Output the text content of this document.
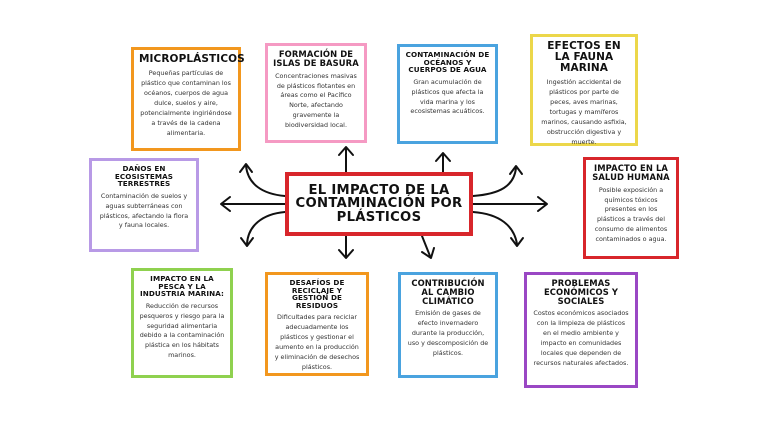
EL IMPACTO DE LA CONTAMINACIÓN POR PLÁSTICOS
MICROPLÁSTICOS

Pequeñas partículas de plástico que contaminan los océanos, cuerpos de agua dulce, suelos y aire, potencialmente ingiriéndose a través de la cadena alimentaria.

FORMACIÓN DE ISLAS DE BASURA

Concentraciones masivas de plásticos flotantes en áreas como el Pacífico Norte, afectando gravemente la biodiversidad local.

CONTAMINACIÓN DE OCÉANOS Y CUERPOS DE AGUA

Gran acumulación de plásticos que afecta la vida marina y los ecosistemas acuáticos.

EFECTOS EN LA FAUNA MARINA

Ingestión accidental de plásticos por parte de peces, aves marinas, tortugas y mamíferos marinos, causando asfixia, obstrucción digestiva y muerte.

DAÑOS EN ECOSISTEMAS TERRESTRES

Contaminación de suelos y aguas subterráneas con plásticos, afectando la flora y fauna locales.

IMPACTO EN LA SALUD HUMANA

Posible exposición a químicos tóxicos presentes en los plásticos a través del consumo de alimentos contaminados o agua.

IMPACTO EN LA PESCA Y LA INDUSTRIA MARINA:

Reducción de recursos pesqueros y riesgo para la seguridad alimentaria debido a la contaminación plástica en los hábitats marinos.

DESAFÍOS DE RECICLAJE Y GESTIÓN DE RESIDUOS

Dificultades para reciclar adecuadamente los plásticos y gestionar el aumento en la producción y eliminación de desechos plásticos.

CONTRIBUCIÓN AL CAMBIO CLIMÁTICO

Emisión de gases de efecto invernadero durante la producción, uso y descomposición de plásticos.

PROBLEMAS ECONÓMICOS Y SOCIALES

Costos económicos asociados con la limpieza de plásticos en el medio ambiente y impacto en comunidades locales que dependen de recursos naturales afectados.
